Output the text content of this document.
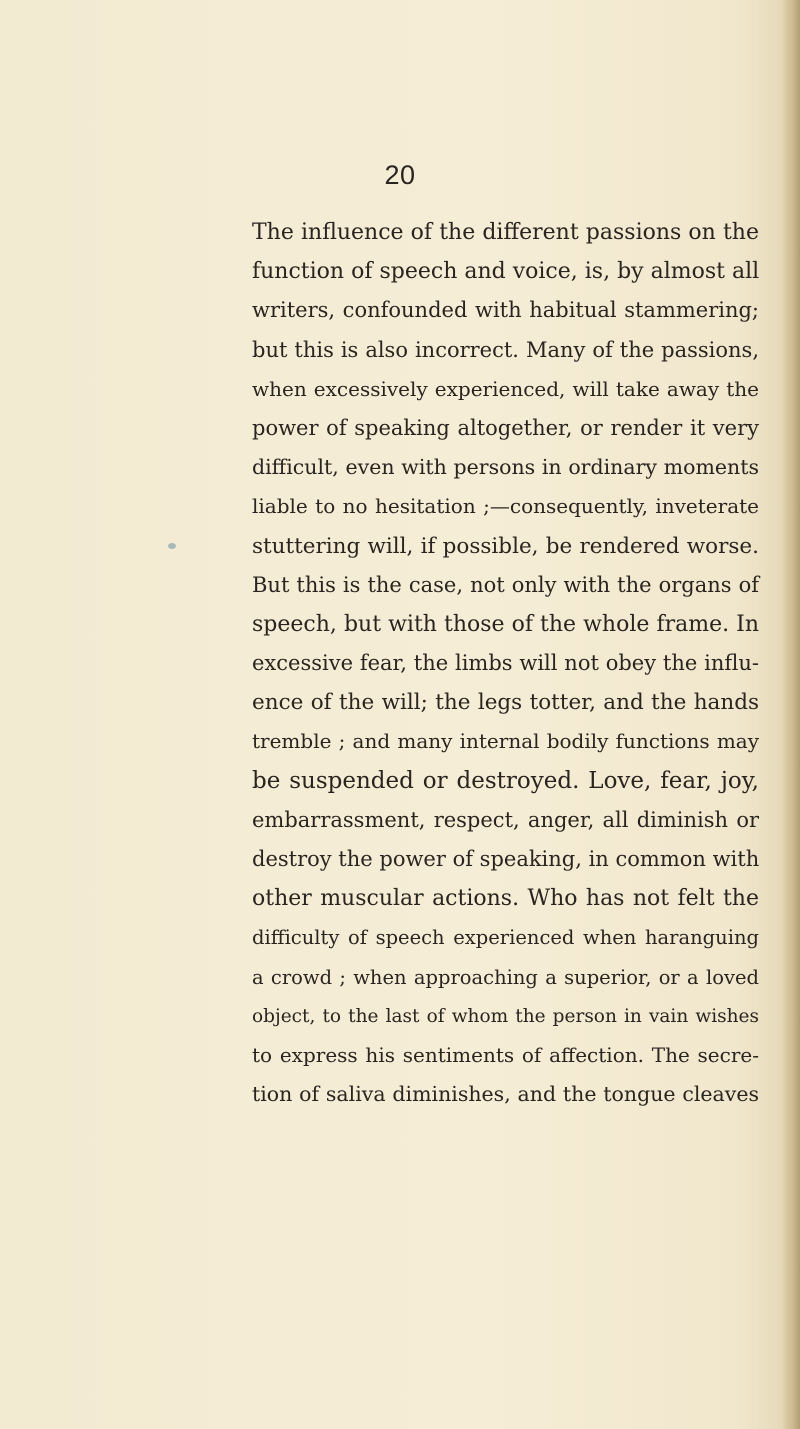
20
The influence of the different passions on the
function of speech and voice, is, by almost all
writers, confounded with habitual stammering;
but this is also incorrect. Many of the passions,
when excessively experienced, will take away the
power of speaking altogether, or render it very
difficult, even with persons in ordinary moments
liable to no hesitation ;—consequently, inveterate
stuttering will, if possible, be rendered worse.
But this is the case, not only with the organs of
speech, but with those of the whole frame. In
excessive fear, the limbs will not obey the influ-
ence of the will; the legs totter, and the hands
tremble ; and many internal bodily functions may
be suspended or destroyed. Love, fear, joy,
embarrassment, respect, anger, all diminish or
destroy the power of speaking, in common with
other muscular actions. Who has not felt the
difficulty of speech experienced when haranguing
a crowd ; when approaching a superior, or a loved
object, to the last of whom the person in vain wishes
to express his sentiments of affection. The secre-
tion of saliva diminishes, and the tongue cleaves
